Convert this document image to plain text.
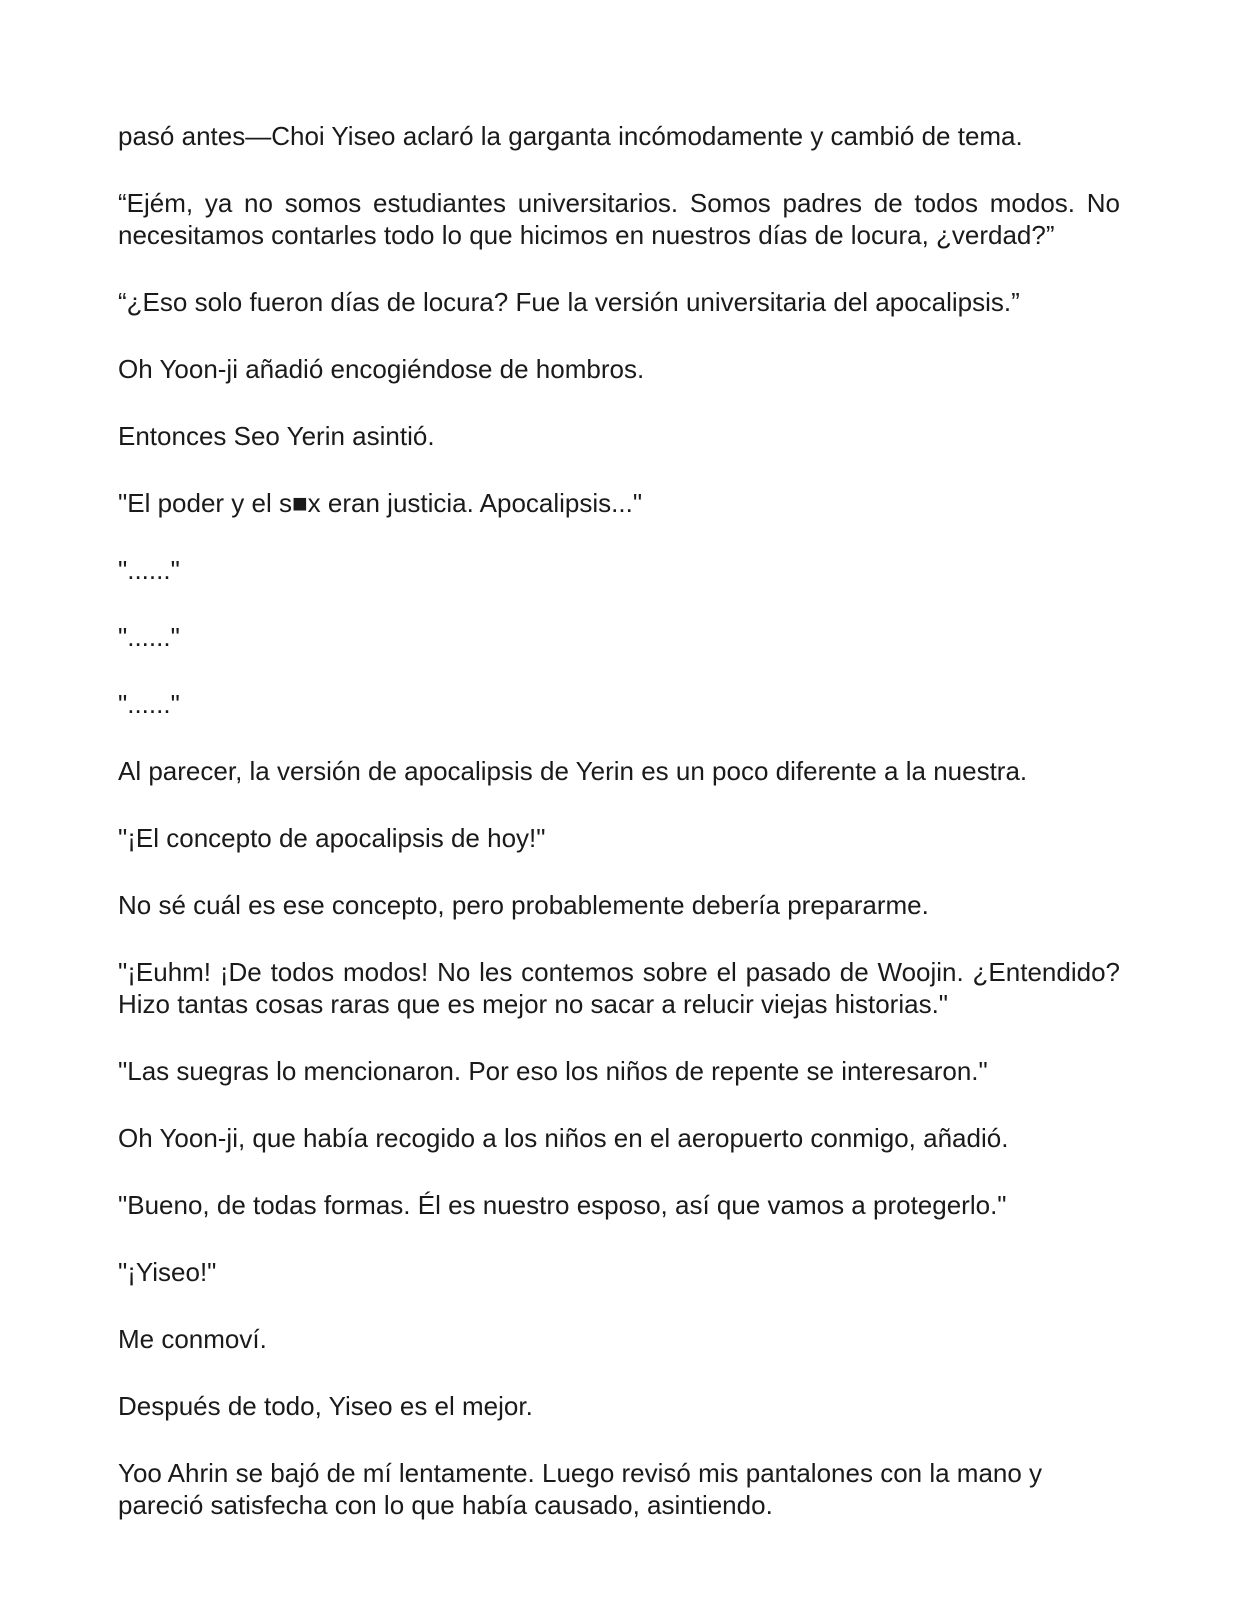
pasó antes—Choi Yiseo aclaró la garganta incómodamente y cambió de tema.

“Ejém, ya no somos estudiantes universitarios. Somos padres de todos modos. No necesitamos contarles todo lo que hicimos en nuestros días de locura, ¿verdad?”

“¿Eso solo fueron días de locura? Fue la versión universitaria del apocalipsis.”

Oh Yoon-ji añadió encogiéndose de hombros.

Entonces Seo Yerin asintió.

"El poder y el s■x eran justicia. Apocalipsis..."

"......"

"......"

"......"

Al parecer, la versión de apocalipsis de Yerin es un poco diferente a la nuestra.

"¡El concepto de apocalipsis de hoy!"

No sé cuál es ese concepto, pero probablemente debería prepararme.

"¡Euhm! ¡De todos modos! No les contemos sobre el pasado de Woojin. ¿Entendido? Hizo tantas cosas raras que es mejor no sacar a relucir viejas historias."

"Las suegras lo mencionaron. Por eso los niños de repente se interesaron."

Oh Yoon-ji, que había recogido a los niños en el aeropuerto conmigo, añadió.

"Bueno, de todas formas. Él es nuestro esposo, así que vamos a protegerlo."

"¡Yiseo!"

Me conmoví.

Después de todo, Yiseo es el mejor.

Yoo Ahrin se bajó de mí lentamente. Luego revisó mis pantalones con la mano y pareció satisfecha con lo que había causado, asintiendo.
